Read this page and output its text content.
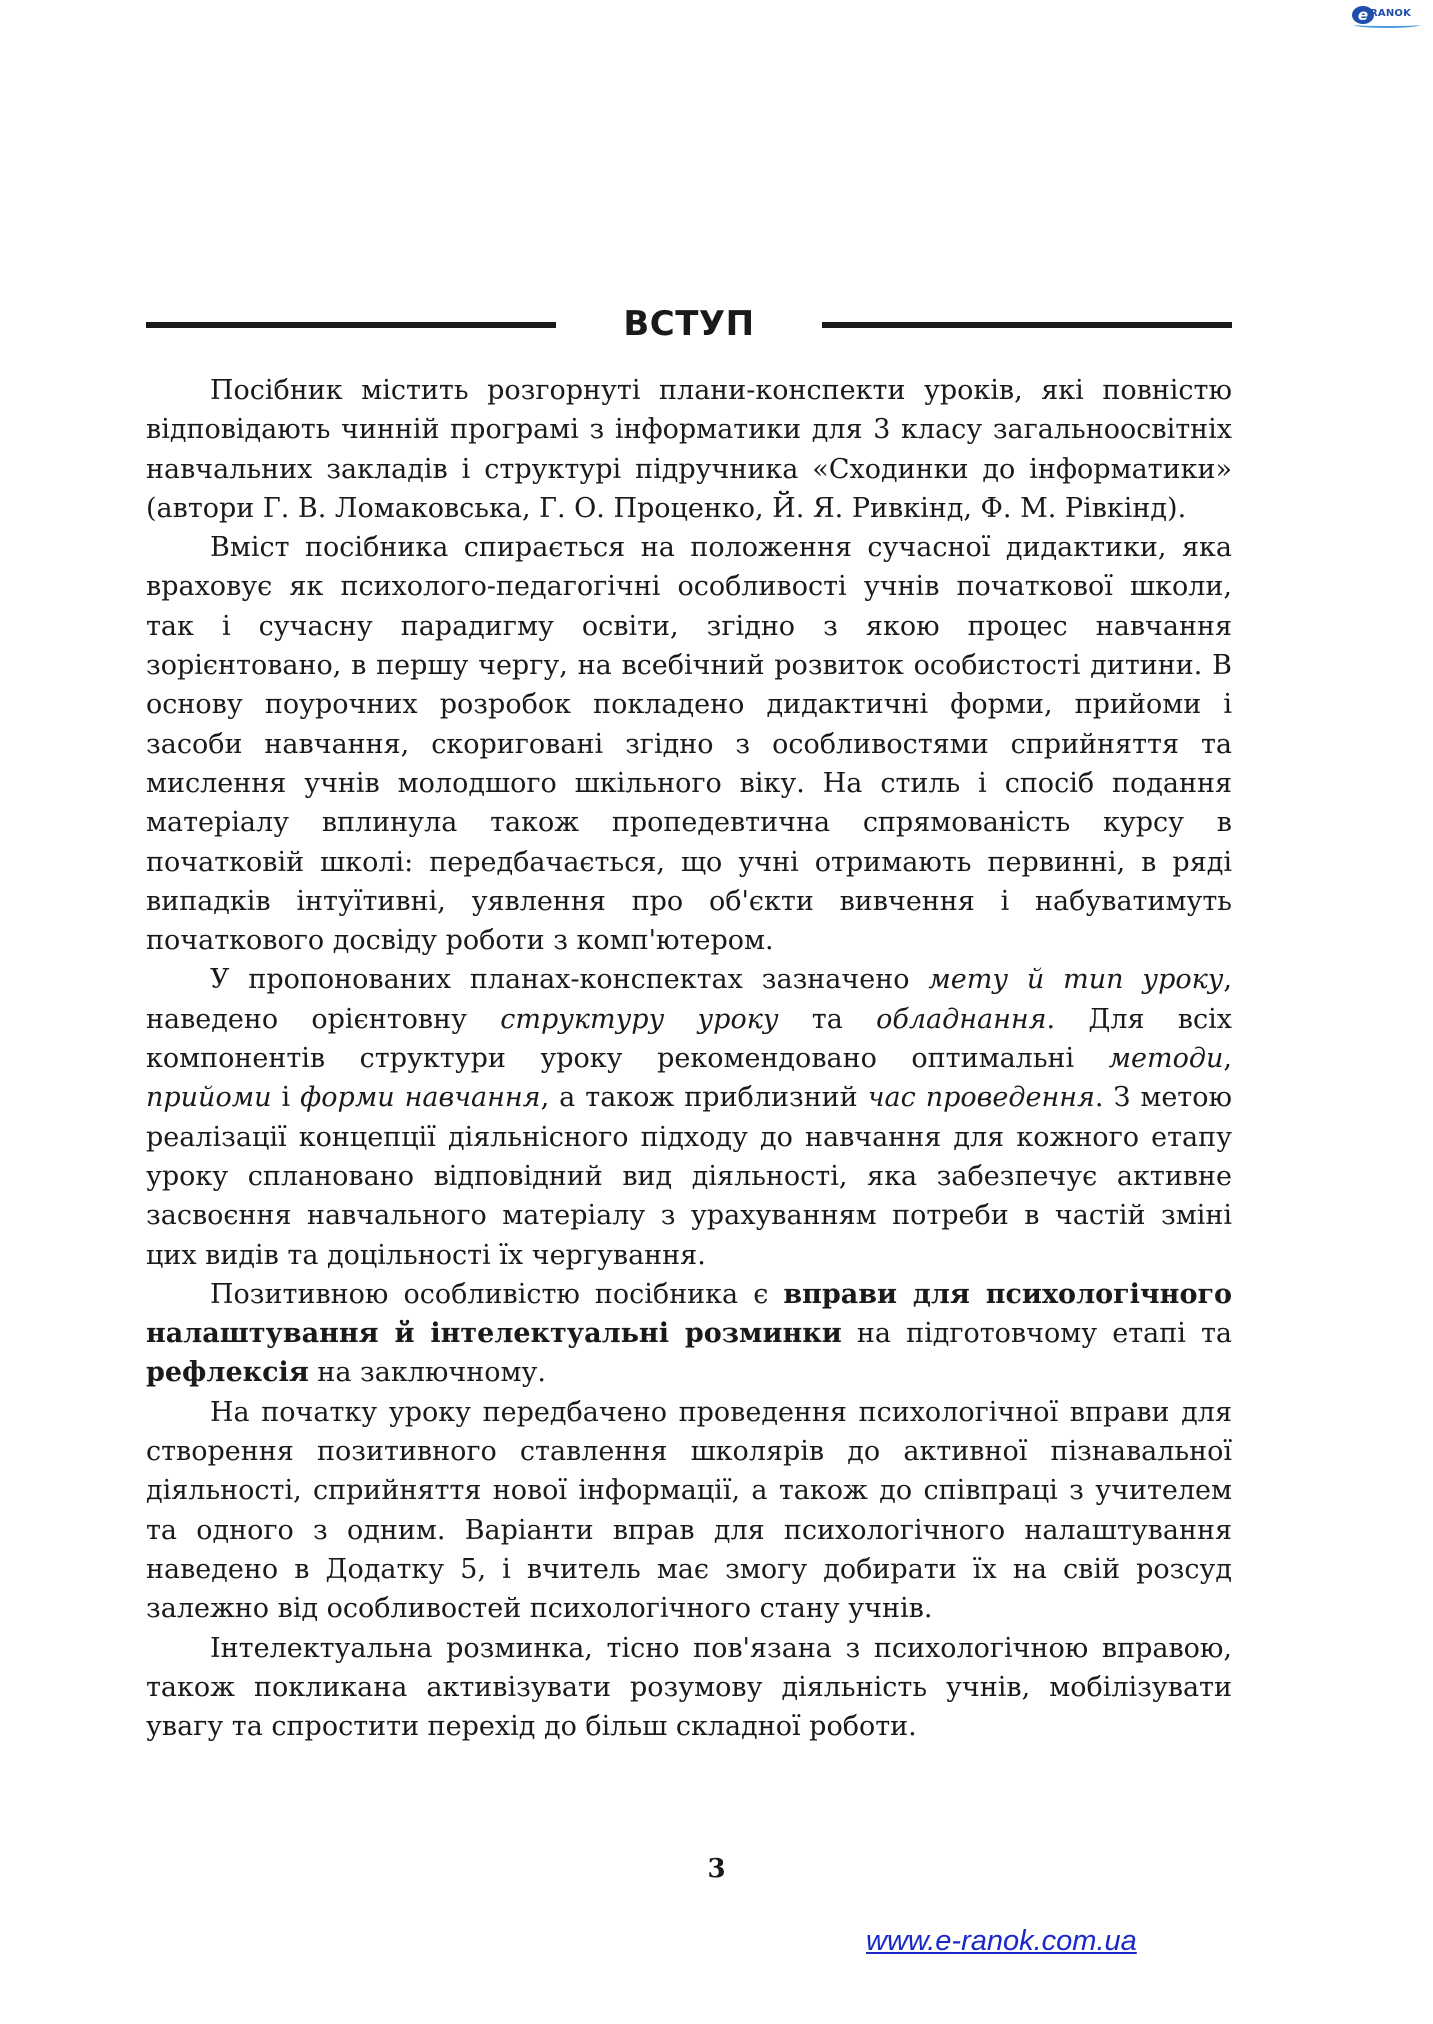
e RANOK
ВСТУП

Посібник містить розгорнуті плани-конспекти уроків, які повністю відповідають чинній програмі з інформатики для 3 класу загальноосвітніх навчальних закладів і структурі підручника «Сходинки до інформатики» (автори Г. В. Ломаковська, Г. О. Проценко, Й. Я. Ривкінд, Ф. М. Рівкінд).

Вміст посібника спирається на положення сучасної дидактики, яка враховує як психолого-педагогічні особливості учнів початкової школи, так і сучасну парадигму освіти, згідно з якою процес навчання зорієнтовано, в першу чергу, на всебічний розвиток особистості дитини. В основу поурочних розробок покладено дидактичні форми, прийоми і засоби навчання, скориговані згідно з особливостями сприйняття та мислення учнів молодшого шкільного віку. На стиль і спосіб подання матеріалу вплинула також пропедевтична спрямованість курсу в початковій школі: передбачається, що учні отримають первинні, в ряді випадків інтуїтивні, уявлення про об'єкти вивчення і набуватимуть початкового досвіду роботи з комп'ютером.

У пропонованих планах-конспектах зазначено мету й тип уроку, наведено орієнтовну структуру уроку та обладнання. Для всіх компонентів структури уроку рекомендовано оптимальні методи, прийоми і форми навчання, а також приблизний час проведення. З метою реалізації концепції діяльнісного підходу до навчання для кожного етапу уроку сплановано відповідний вид діяльності, яка забезпечує активне засвоєння навчального матеріалу з урахуванням потреби в частій зміні цих видів та доцільності їх чергування.

Позитивною особливістю посібника є вправи для психологічного налаштування й інтелектуальні розминки на підготовчому етапі та рефлексія на заключному.

На початку уроку передбачено проведення психологічної вправи для створення позитивного ставлення школярів до активної пізнавальної діяльності, сприйняття нової інформації, а також до співпраці з учителем та одного з одним. Варіанти вправ для психологічного налаштування наведено в Додатку 5, і вчитель має змогу добирати їх на свій розсуд залежно від особливостей психологічного стану учнів.

Інтелектуальна розминка, тісно пов'язана з психологічною вправою, також покликана активізувати розумову діяльність учнів, мобілізувати увагу та спростити перехід до більш складної роботи.

3
www.e-ranok.com.ua
